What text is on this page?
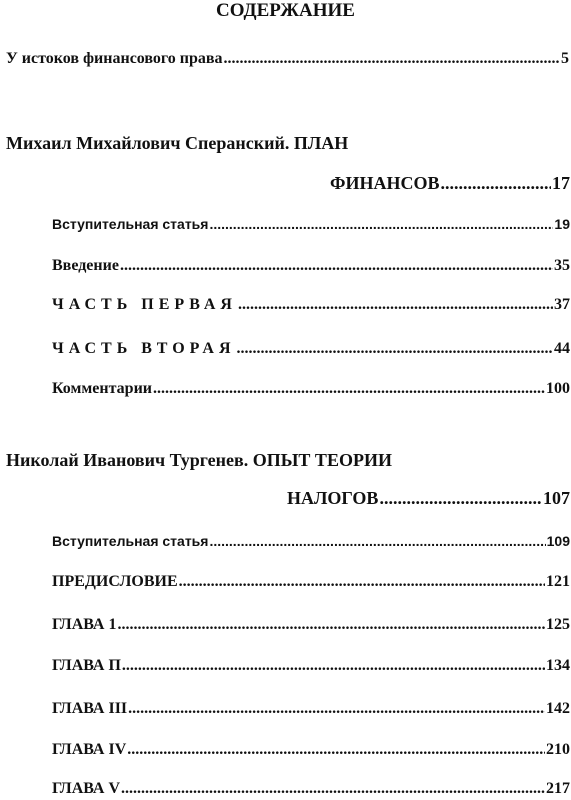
СОДЕРЖАНИЕ
У истоков финансового права .....	5
Михаил Михайлович Сперанский. ПЛАН
ФИНАНСОВ .....	17
Вступительная статья .....	19
Введение .....	35
ЧАСТЬ ПЕРВАЯ .....	37
ЧАСТЬ ВТОРАЯ .....	44
Комментарии .....	100
Николай Иванович Тургенев. ОПЫТ ТЕОРИИ
НАЛОГОВ .....	107
Вступительная статья .....	109
ПРЕДИСЛОВИЕ .....	121
ГЛАВА 1 .....	125
ГЛАВА П .....	134
ГЛАВА III .....	142
ГЛАВА IV .....	210
ГЛАВА V .....	217
